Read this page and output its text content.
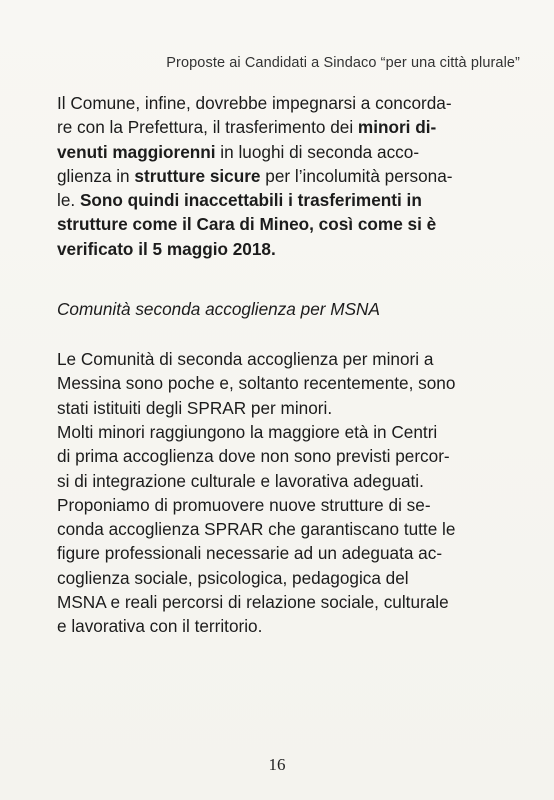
Proposte ai Candidati a Sindaco “per una città plurale”
Il Comune, infine, dovrebbe impegnarsi a concorda-
re con la Prefettura, il trasferimento dei minori di-
venuti maggiorenni in luoghi di seconda acco-
glienza in strutture sicure per l’incolumità persona-
le. Sono quindi inaccettabili i trasferimenti in
strutture come il Cara di Mineo, così come si è
verificato il 5 maggio 2018.
Comunità seconda accoglienza per MSNA
Le Comunità di seconda accoglienza per minori a
Messina sono poche e, soltanto recentemente, sono
stati istituiti degli SPRAR per minori.
Molti minori raggiungono la maggiore età in Centri
di prima accoglienza dove non sono previsti percor-
si di integrazione culturale e lavorativa adeguati.
Proponiamo di promuovere nuove strutture di se-
conda accoglienza SPRAR che garantiscano tutte le
figure professionali necessarie ad un adeguata ac-
coglienza sociale, psicologica, pedagogica del
MSNA e reali percorsi di relazione sociale, culturale
e lavorativa con il territorio.
16
